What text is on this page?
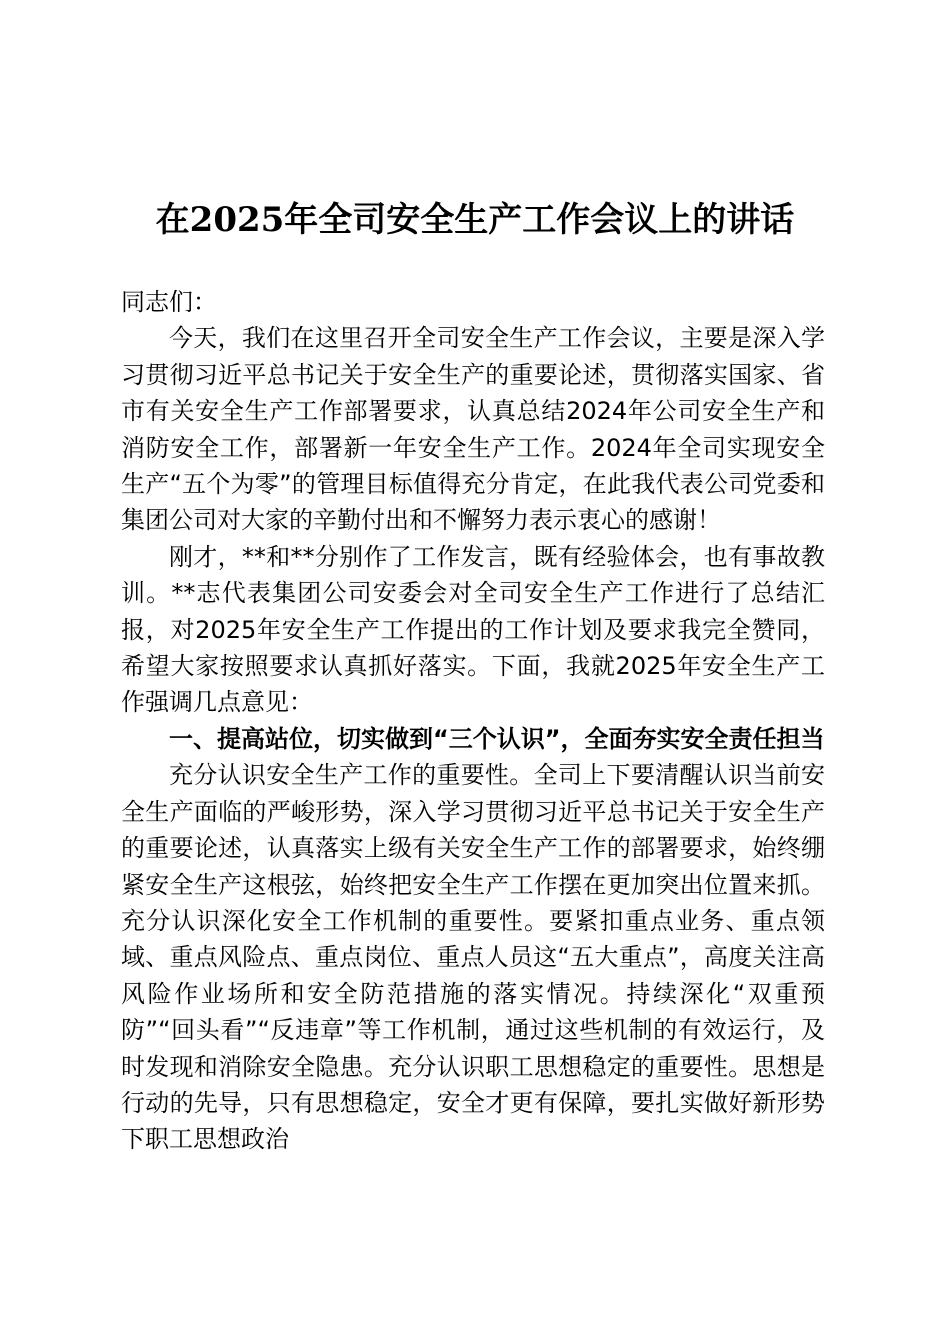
在2025年全司安全生产工作会议上的讲话

同志们：

今天，我们在这里召开全司安全生产工作会议，主要是深入学习贯彻习近平总书记关于安全生产的重要论述，贯彻落实国家、省市有关安全生产工作部署要求，认真总结2024年公司安全生产和消防安全工作，部署新一年安全生产工作。2024年全司实现安全生产“五个为零”的管理目标值得充分肯定，在此我代表公司党委和集团公司对大家的辛勤付出和不懈努力表示衷心的感谢！

刚才，**和**分别作了工作发言，既有经验体会，也有事故教训。**志代表集团公司安委会对全司安全生产工作进行了总结汇报，对2025年安全生产工作提出的工作计划及要求我完全赞同，希望大家按照要求认真抓好落实。下面，我就2025年安全生产工作强调几点意见：

一、提高站位，切实做到“三个认识”，全面夯实安全责任担当

充分认识安全生产工作的重要性。全司上下要清醒认识当前安全生产面临的严峻形势，深入学习贯彻习近平总书记关于安全生产的重要论述，认真落实上级有关安全生产工作的部署要求，始终绷紧安全生产这根弦，始终把安全生产工作摆在更加突出位置来抓。充分认识深化安全工作机制的重要性。要紧扣重点业务、重点领域、重点风险点、重点岗位、重点人员这“五大重点”，高度关注高风险作业场所和安全防范措施的落实情况。持续深化“双重预防”“回头看”“反违章”等工作机制，通过这些机制的有效运行，及时发现和消除安全隐患。充分认识职工思想稳定的重要性。思想是行动的先导，只有思想稳定，安全才更有保障，要扎实做好新形势下职工思想政治
